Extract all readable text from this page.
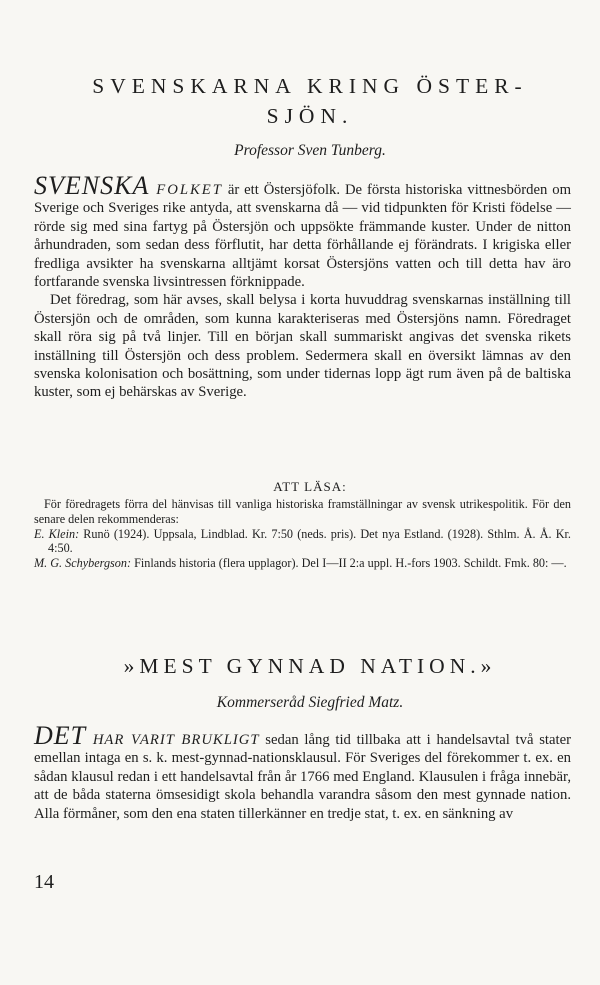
SVENSKARNA KRING ÖSTER-
SJÖN.
Professor Sven Tunberg.

SVENSKA FOLKET är ett Östersjöfolk. De första historiska vittnesbörden om Sverige och Sveriges rike antyda, att svenskarna då — vid tidpunkten för Kristi födelse — rörde sig med sina fartyg på Östersjön och uppsökte främmande kuster. Under de nitton århundraden, som sedan dess förflutit, har detta förhållande ej förändrats. I krigiska eller fredliga avsikter ha svenskarna alltjämt korsat Östersjöns vatten och till detta hav äro fortfarande svenska livsintressen förknippade.

Det föredrag, som här avses, skall belysa i korta huvuddrag svenskarnas inställning till Östersjön och de områden, som kunna karakteriseras med Östersjöns namn. Föredraget skall röra sig på två linjer. Till en början skall summariskt angivas det svenska rikets inställning till Östersjön och dess problem. Sedermera skall en översikt lämnas av den svenska kolonisation och bosättning, som under tidernas lopp ägt rum även på de baltiska kuster, som ej behärskas av Sverige.

ATT LÄSA:

För föredragets förra del hänvisas till vanliga historiska framställningar av svensk utrikespolitik. För den senare delen rekommenderas:

E. Klein: Runö (1924). Uppsala, Lindblad. Kr. 7:50 (neds. pris). Det nya Estland. (1928). Sthlm. Å. Å. Kr. 4:50.

M. G. Schybergson: Finlands historia (flera upplagor). Del I—II 2:a uppl. H.-fors 1903. Schildt. Fmk. 80: —.

»MEST GYNNAD NATION.»
Kommerseråd Siegfried Matz.

DET HAR VARIT BRUKLIGT sedan lång tid tillbaka att i handelsavtal två stater emellan intaga en s. k. mest-gynnad-nationsklausul. För Sveriges del förekommer t. ex. en sådan klausul redan i ett handelsavtal från år 1766 med England. Klausulen i fråga innebär, att de båda staterna ömsesidigt skola behandla varandra såsom den mest gynnade nation. Alla förmåner, som den ena staten tillerkänner en tredje stat, t. ex. en sänkning av

14
